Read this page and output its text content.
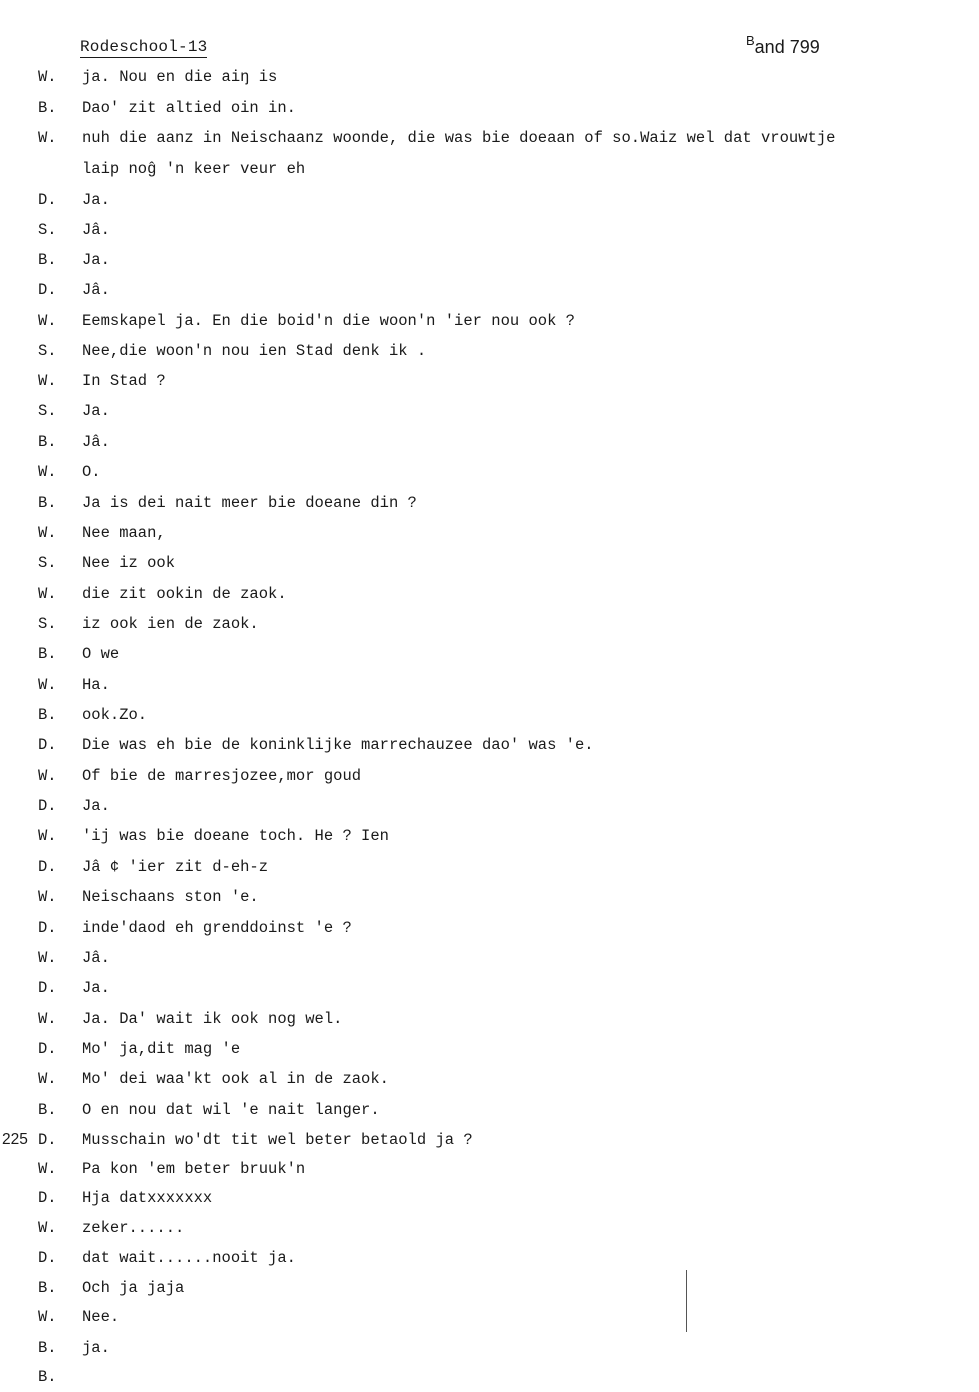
Rodeschool-13	$^B$and 799
W.	ja. Nou en die aiŋ is
B.	Dao' zit altied oin in.
W.	nuh die aanz in Neischaanz woonde, die was bie doeaan of so.Waiz wel dat vrouwtje
laip noĝ 'n keer veur eh
D.	Ja.
S.	Jâ.
B.	Ja.
D.	Jâ.
W.	Eemskapel ja. En die boid'n die woon'n 'ier nou ook ?
S.	Nee,die woon'n nou ien Stad denk ik .
W.	In Stad ?
S.	Ja.
B.	Jâ.
W.	O.
B.	Ja is dei nait meer bie doeane din ?
W.	Nee maan,
S.	Nee iz ook
W.	die zit ookin de zaok.
S.	iz ook ien de zaok.
B.	O we
W.	Ha.
B.	ook.Zo.
D.	Die was eh bie de koninklijke marrechauzee dao' was 'e.
W.	Of bie de marresjozee,mor goud
D.	Ja.
W.	'ij was bie doeane toch. He ? Ien
D.	Jâ ¢ 'ier zit d-eh-z
W.	Neischaans ston 'e.
D.	inde'daod eh grenddoinst 'e ?
W.	Jâ.
D.	Ja.
W.	Ja. Da' wait ik ook nog wel.
D.	Mo' ja,dit mag 'e
W.	Mo' dei waa'kt ook al in de zaok.
B.	O en nou dat wil 'e nait langer.
D.	Musschain wo'dt tit wel beter betaold ja ?
W.	Pa kon 'em beter bruuk'n
D.	Hja datxxxxxxx
W.	zeker......
D.	dat wait......nooit ja.
B.	Och ja jaja
W.	Nee.
B.	ja.
B.
225
